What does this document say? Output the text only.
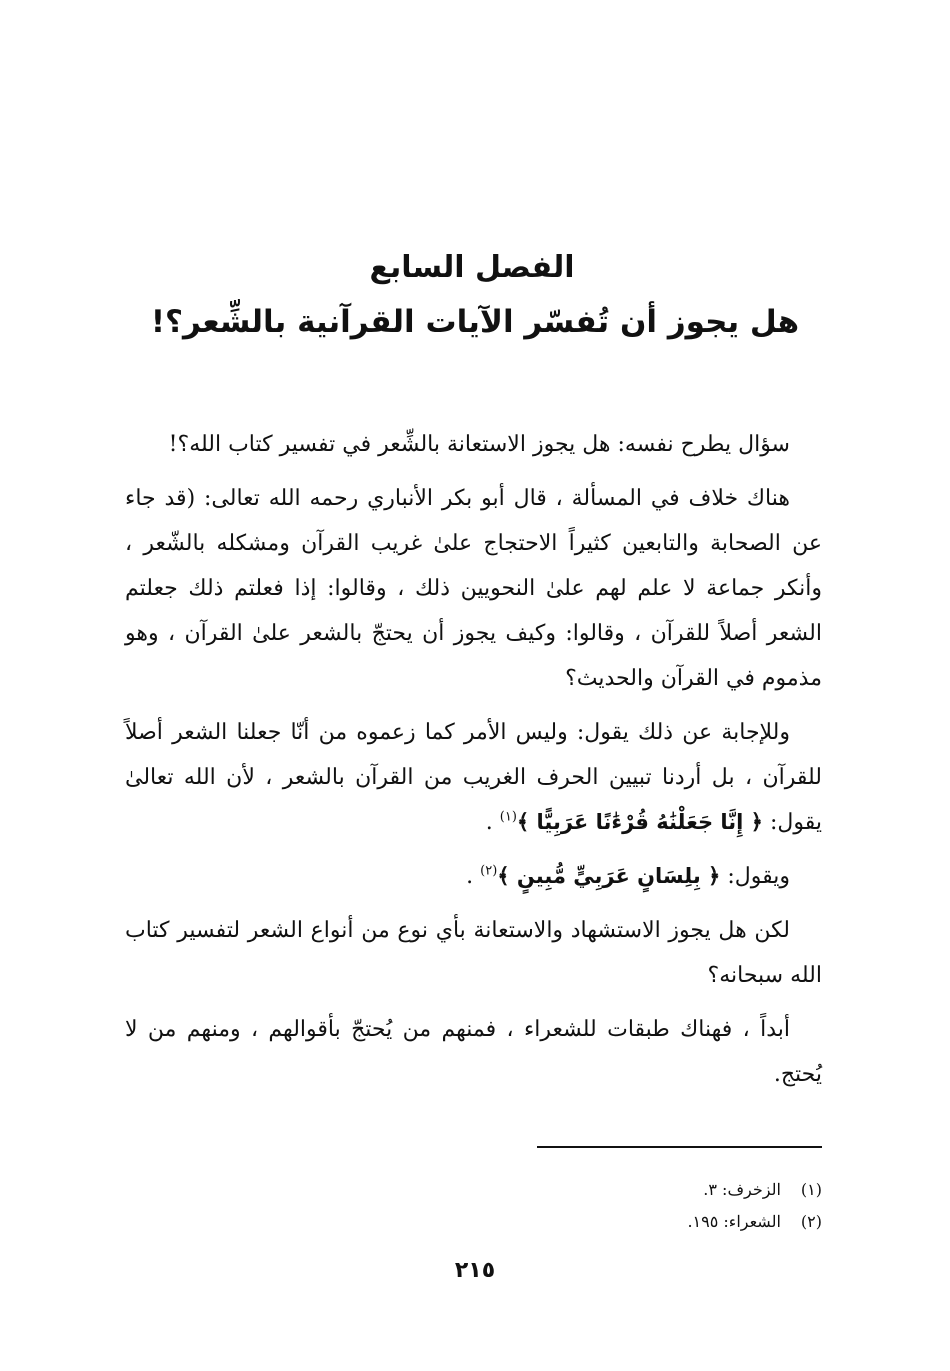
الفصل السابع
هل يجوز أن تُفسّر الآيات القرآنية بالشِّعر؟!

سؤال يطرح نفسه: هل يجوز الاستعانة بالشِّعر في تفسير كتاب الله؟!

هناك خلاف في المسألة ، قال أبو بكر الأنباري رحمه الله تعالى: (قد جاء عن الصحابة والتابعين كثيراً الاحتجاج علىٰ غريب القرآن ومشكله بالشّعر ، وأنكر جماعة لا علم لهم علىٰ النحويين ذلك ، وقالوا: إذا فعلتم ذلك جعلتم الشعر أصلاً للقرآن ، وقالوا: وكيف يجوز أن يحتجّ بالشعر علىٰ القرآن ، وهو مذموم في القرآن والحديث؟

وللإجابة عن ذلك يقول: وليس الأمر كما زعموه من أنّا جعلنا الشعر أصلاً للقرآن ، بل أردنا تبيين الحرف الغريب من القرآن بالشعر ، لأن الله تعالىٰ يقول: ﴿ إِنَّا جَعَلْنَٰهُ قُرْءَٰنًا عَرَبِيًّا ﴾$^{(١)}$ .

ويقول: ﴿ بِلِسَانٍ عَرَبِيٍّ مُّبِينٍ ﴾$^{(٢)}$ .

لكن هل يجوز الاستشهاد والاستعانة بأي نوع من أنواع الشعر لتفسير كتاب الله سبحانه؟

أبداً ، فهناك طبقات للشعراء ، فمنهم من يُحتجّ بأقوالهم ، ومنهم من لا يُحتج.

(١) الزخرف: ٣.
(٢) الشعراء: ١٩٥.
٢١٥
